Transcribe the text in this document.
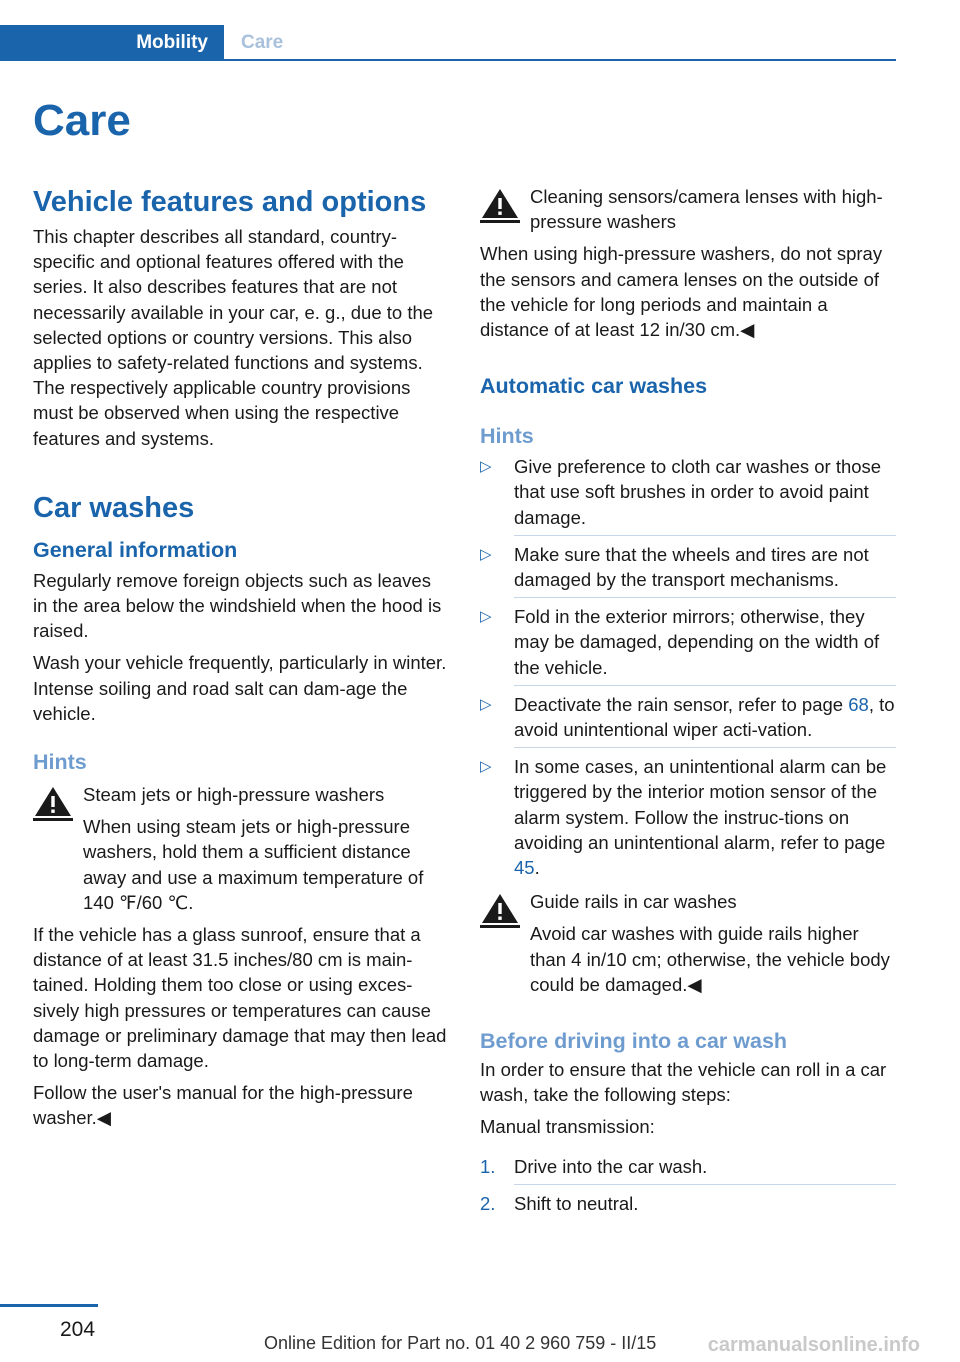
Mobility Care
Care
Vehicle features and options

This chapter describes all standard, country-specific and optional features offered with the series. It also describes features that are not necessarily available in your car, e. g., due to the selected options or country versions. This also applies to safety-related functions and systems. The respectively applicable country provisions must be observed when using the respective features and systems.

Car washes
General information

Regularly remove foreign objects such as leaves in the area below the windshield when the hood is raised.

Wash your vehicle frequently, particularly in winter. Intense soiling and road salt can dam‐age the vehicle.

Hints

Steam jets or high-pressure washers

When using steam jets or high-pressure washers, hold them a sufficient distance away and use a maximum temperature of 140 ℉/60 ℃.

If the vehicle has a glass sunroof, ensure that a distance of at least 31.5 inches/80 cm is main‐tained. Holding them too close or using exces‐sively high pressures or temperatures can cause damage or preliminary damage that may then lead to long-term damage.

Follow the user's manual for the high-pressure washer.◀

Cleaning sensors/camera lenses with high-pressure washers

When using high-pressure washers, do not spray the sensors and camera lenses on the outside of the vehicle for long periods and maintain a distance of at least 12 in/30 cm.◀

Automatic car washes
Hints
▷ Give preference to cloth car washes or those that use soft brushes in order to avoid paint damage.
▷ Make sure that the wheels and tires are not damaged by the transport mechanisms.
▷ Fold in the exterior mirrors; otherwise, they may be damaged, depending on the width of the vehicle.
▷ Deactivate the rain sensor, refer to page 68, to avoid unintentional wiper acti‐vation.
▷ In some cases, an unintentional alarm can be triggered by the interior motion sensor of the alarm system. Follow the instruc‐tions on avoiding an unintentional alarm, refer to page 45.

Guide rails in car washes

Avoid car washes with guide rails higher than 4 in/10 cm; otherwise, the vehicle body could be damaged.◀

Before driving into a car wash

In order to ensure that the vehicle can roll in a car wash, take the following steps:

Manual transmission:

1. Drive into the car wash.
2. Shift to neutral.
204
Online Edition for Part no. 01 40 2 960 759 - II/15	carmanualsonline.info
